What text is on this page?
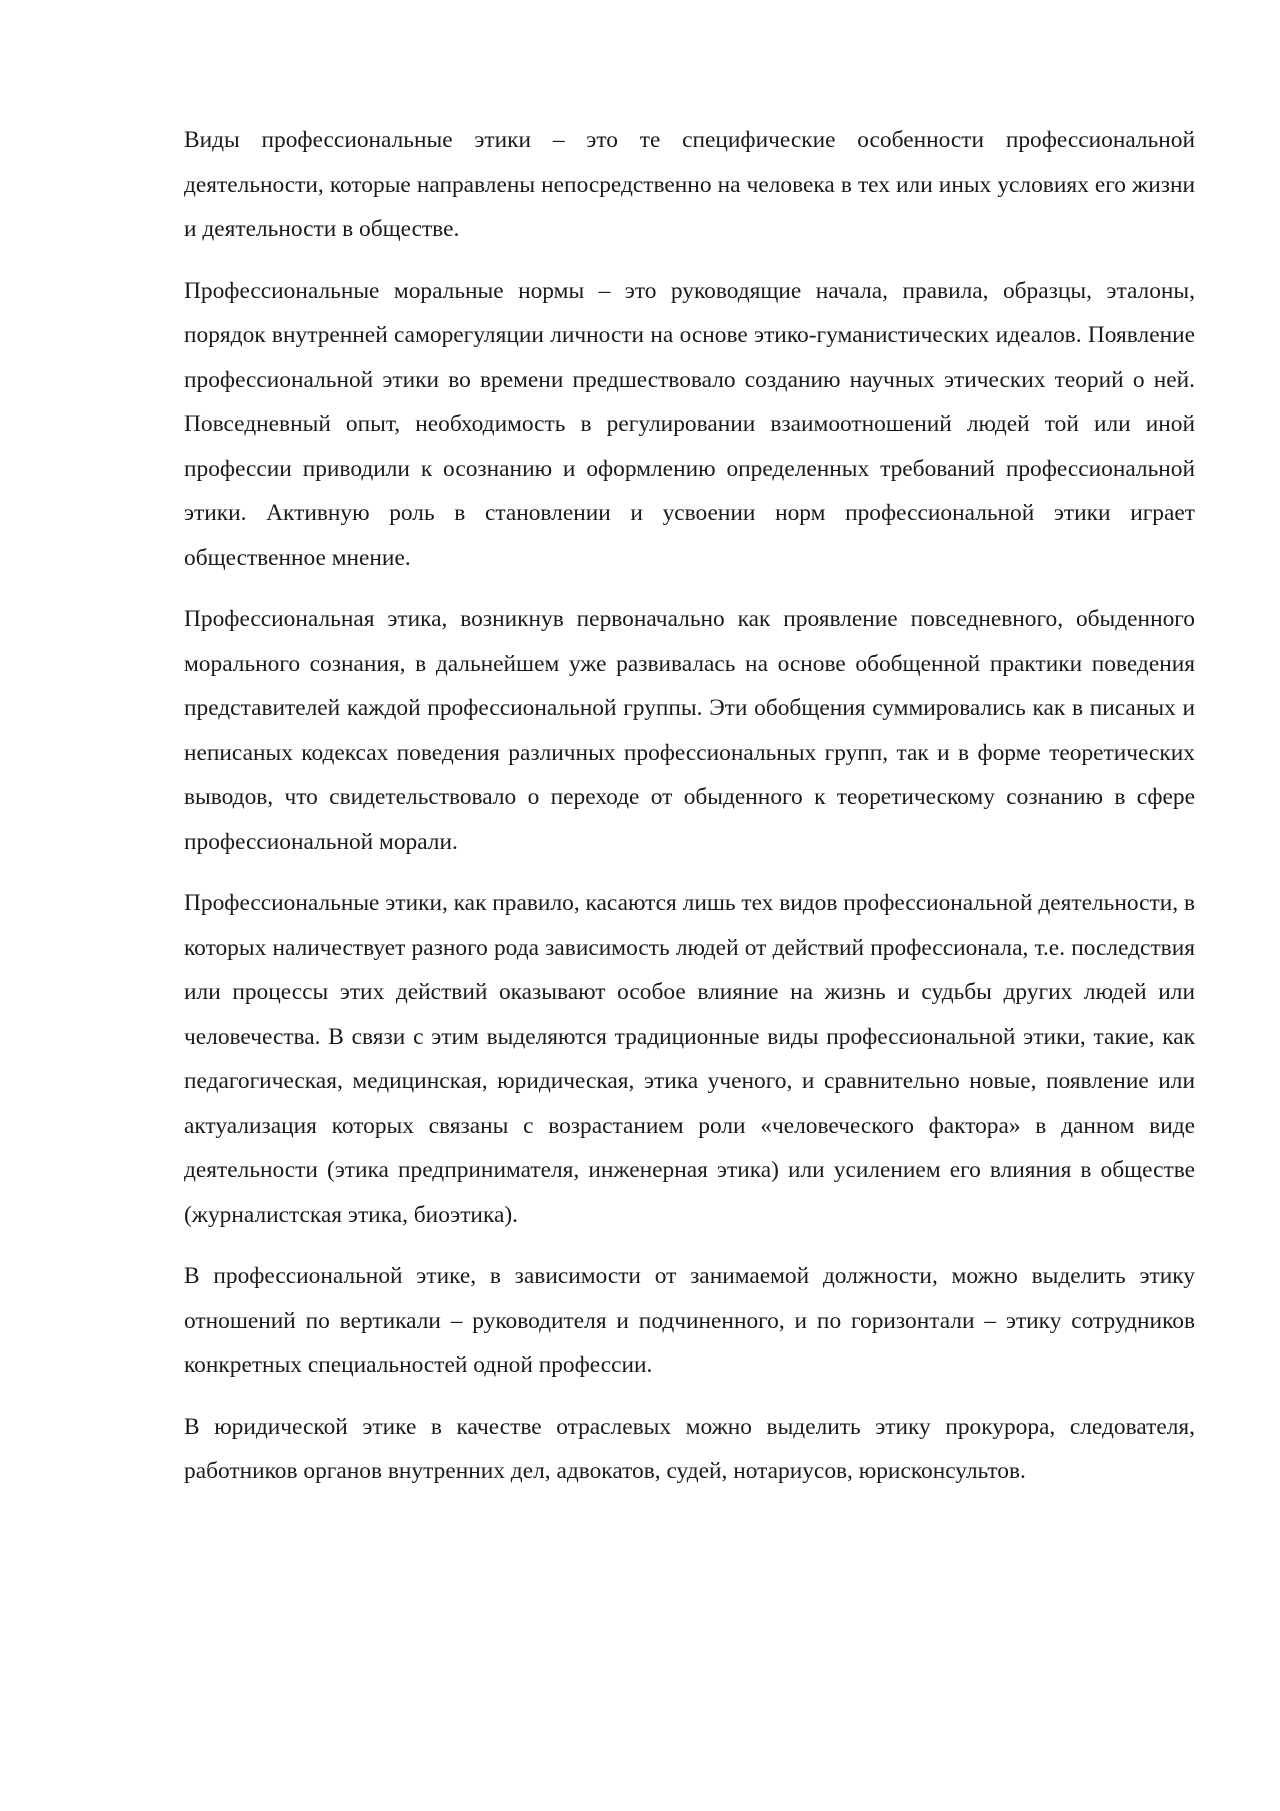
Виды профессиональные этики – это те специфические особенности профессиональной деятельности, которые направлены непосредственно на человека в тех или иных условиях его жизни и деятельности в обществе.

Профессиональные моральные нормы – это руководящие начала, правила, образцы, эталоны, порядок внутренней саморегуляции личности на основе этико-гуманистических идеалов. Появление профессиональной этики во времени предшествовало созданию научных этических теорий о ней. Повседневный опыт, необходимость в регулировании взаимоотношений людей той или иной профессии приводили к осознанию и оформлению определенных требований профессиональной этики. Активную роль в становлении и усвоении норм профессиональной этики играет общественное мнение.

Профессиональная этика, возникнув первоначально как проявление повседневного, обыденного морального сознания, в дальнейшем уже развивалась на основе обобщенной практики поведения представителей каждой профессиональной группы. Эти обобщения суммировались как в писаных и неписаных кодексах поведения различных профессиональных групп, так и в форме теоретических выводов, что свидетельствовало о переходе от обыденного к теоретическому сознанию в сфере профессиональной морали.

Профессиональные этики, как правило, касаются лишь тех видов профессиональной деятельности, в которых наличествует разного рода зависимость людей от действий профессионала, т.е. последствия или процессы этих действий оказывают особое влияние на жизнь и судьбы других людей или человечества. В связи с этим выделяются традиционные виды профессиональной этики, такие, как педагогическая, медицинская, юридическая, этика ученого, и сравнительно новые, появление или актуализация которых связаны с возрастанием роли «человеческого фактора» в данном виде деятельности (этика предпринимателя, инженерная этика) или усилением его влияния в обществе (журналистская этика, биоэтика).

В профессиональной этике, в зависимости от занимаемой должности, можно выделить этику отношений по вертикали – руководителя и подчиненного, и по горизонтали – этику сотрудников конкретных специальностей одной профессии.

В юридической этике в качестве отраслевых можно выделить этику прокурора, следователя, работников органов внутренних дел, адвокатов, судей, нотариусов, юрисконсультов.
